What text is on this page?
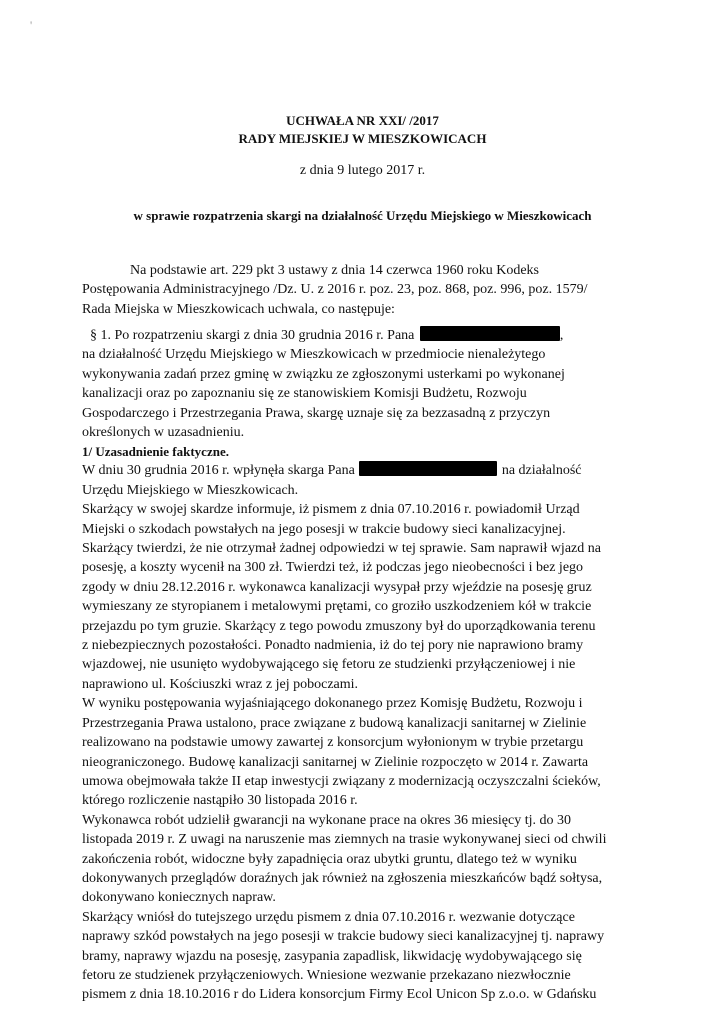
'
UCHWAŁA NR XXI/ /2017
RADY MIEJSKIEJ W MIESZKOWICACH
z dnia 9 lutego 2017 r.
w sprawie rozpatrzenia skargi na działalność Urzędu Miejskiego w Mieszkowicach
Na podstawie art. 229 pkt 3 ustawy z dnia 14 czerwca 1960 roku Kodeks
Postępowania Administracyjnego /Dz. U. z 2016 r. poz. 23, poz. 868, poz. 996, poz. 1579/
Rada Miejska w Mieszkowicach uchwala, co następuje:
§ 1. Po rozpatrzeniu skargi z dnia 30 grudnia 2016 r. Pana	,
na działalność Urzędu Miejskiego w Mieszkowicach w przedmiocie nienależytego
wykonywania zadań przez gminę w związku ze zgłoszonymi usterkami po wykonanej
kanalizacji oraz po zapoznaniu się ze stanowiskiem Komisji Budżetu, Rozwoju
Gospodarczego i Przestrzegania Prawa, skargę uznaje się za bezzasadną z przyczyn
określonych w uzasadnieniu.
1/ Uzasadnienie faktyczne.
W dniu 30 grudnia 2016 r. wpłynęła skarga Pana	na działalność
Urzędu Miejskiego w Mieszkowicach.
Skarżący w swojej skardze informuje, iż pismem z dnia 07.10.2016 r. powiadomił Urząd
Miejski o szkodach powstałych na jego posesji w trakcie budowy sieci kanalizacyjnej.
Skarżący twierdzi, że nie otrzymał żadnej odpowiedzi w tej sprawie. Sam naprawił wjazd na
posesję, a koszty wycenił na 300 zł. Twierdzi też, iż podczas jego nieobecności i bez jego
zgody w dniu 28.12.2016 r. wykonawca kanalizacji wysypał przy wjeździe na posesję gruz
wymieszany ze styropianem i metalowymi prętami, co groziło uszkodzeniem kół w trakcie
przejazdu po tym gruzie. Skarżący z tego powodu zmuszony był do uporządkowania terenu
z niebezpiecznych pozostałości. Ponadto nadmienia, iż do tej pory nie naprawiono bramy
wjazdowej, nie usunięto wydobywającego się fetoru ze studzienki przyłączeniowej i nie
naprawiono ul. Kościuszki wraz z jej poboczami.
W wyniku postępowania wyjaśniającego dokonanego przez Komisję Budżetu, Rozwoju i
Przestrzegania Prawa ustalono, prace związane z budową kanalizacji sanitarnej w Zielinie
realizowano na podstawie umowy zawartej z konsorcjum wyłonionym w trybie przetargu
nieograniczonego. Budowę kanalizacji sanitarnej w Zielinie rozpoczęto w 2014 r. Zawarta
umowa obejmowała także II etap inwestycji związany z modernizacją oczyszczalni ścieków,
którego rozliczenie nastąpiło 30 listopada 2016 r.
Wykonawca robót udzielił gwarancji na wykonane prace na okres 36 miesięcy tj. do 30
listopada 2019 r. Z uwagi na naruszenie mas ziemnych na trasie wykonywanej sieci od chwili
zakończenia robót, widoczne były zapadnięcia oraz ubytki gruntu, dlatego też w wyniku
dokonywanych przeglądów doraźnych jak również na zgłoszenia mieszkańców bądź sołtysa,
dokonywano koniecznych napraw.
Skarżący wniósł do tutejszego urzędu pismem z dnia 07.10.2016 r. wezwanie dotyczące
naprawy szkód powstałych na jego posesji w trakcie budowy sieci kanalizacyjnej tj. naprawy
bramy, naprawy wjazdu na posesję, zasypania zapadlisk, likwidację wydobywającego się
fetoru ze studzienek przyłączeniowych. Wniesione wezwanie przekazano niezwłocznie
pismem z dnia 18.10.2016 r do Lidera konsorcjum Firmy Ecol Unicon Sp z.o.o. w Gdańsku
